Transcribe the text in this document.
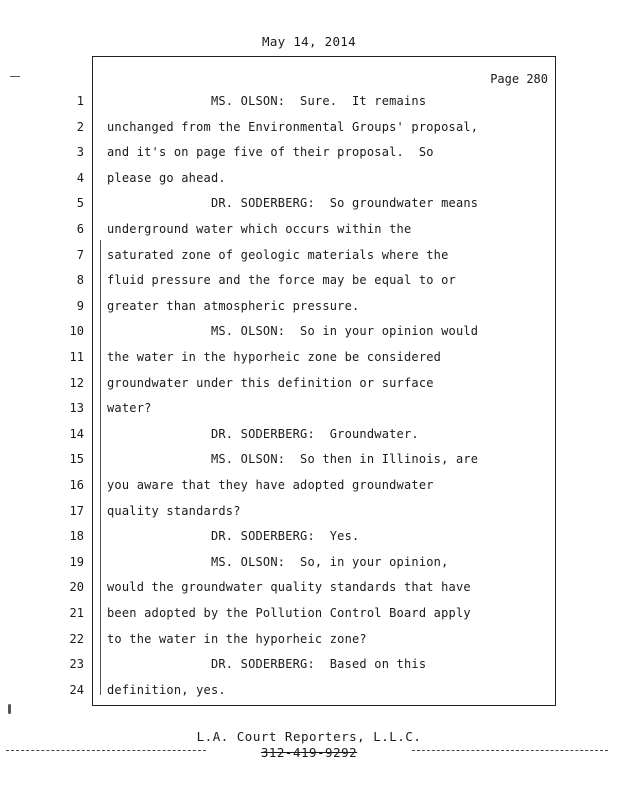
May 14, 2014
Page 280
1 MS. OLSON:  Sure.  It remains
2 unchanged from the Environmental Groups' proposal,
3 and it's on page five of their proposal.  So
4 please go ahead.
5 DR. SODERBERG:  So groundwater means
6 underground water which occurs within the
7 saturated zone of geologic materials where the
8 fluid pressure and the force may be equal to or
9 greater than atmospheric pressure.
10 MS. OLSON:  So in your opinion would
11 the water in the hyporheic zone be considered
12 groundwater under this definition or surface
13 water?
14 DR. SODERBERG:  Groundwater.
15 MS. OLSON:  So then in Illinois, are
16 you aware that they have adopted groundwater
17 quality standards?
18 DR. SODERBERG:  Yes.
19 MS. OLSON:  So, in your opinion,
20 would the groundwater quality standards that have
21 been adopted by the Pollution Control Board apply
22 to the water in the hyporheic zone?
23 DR. SODERBERG:  Based on this
24 definition, yes.
L.A. Court Reporters, L.L.C.
312-419-9292
